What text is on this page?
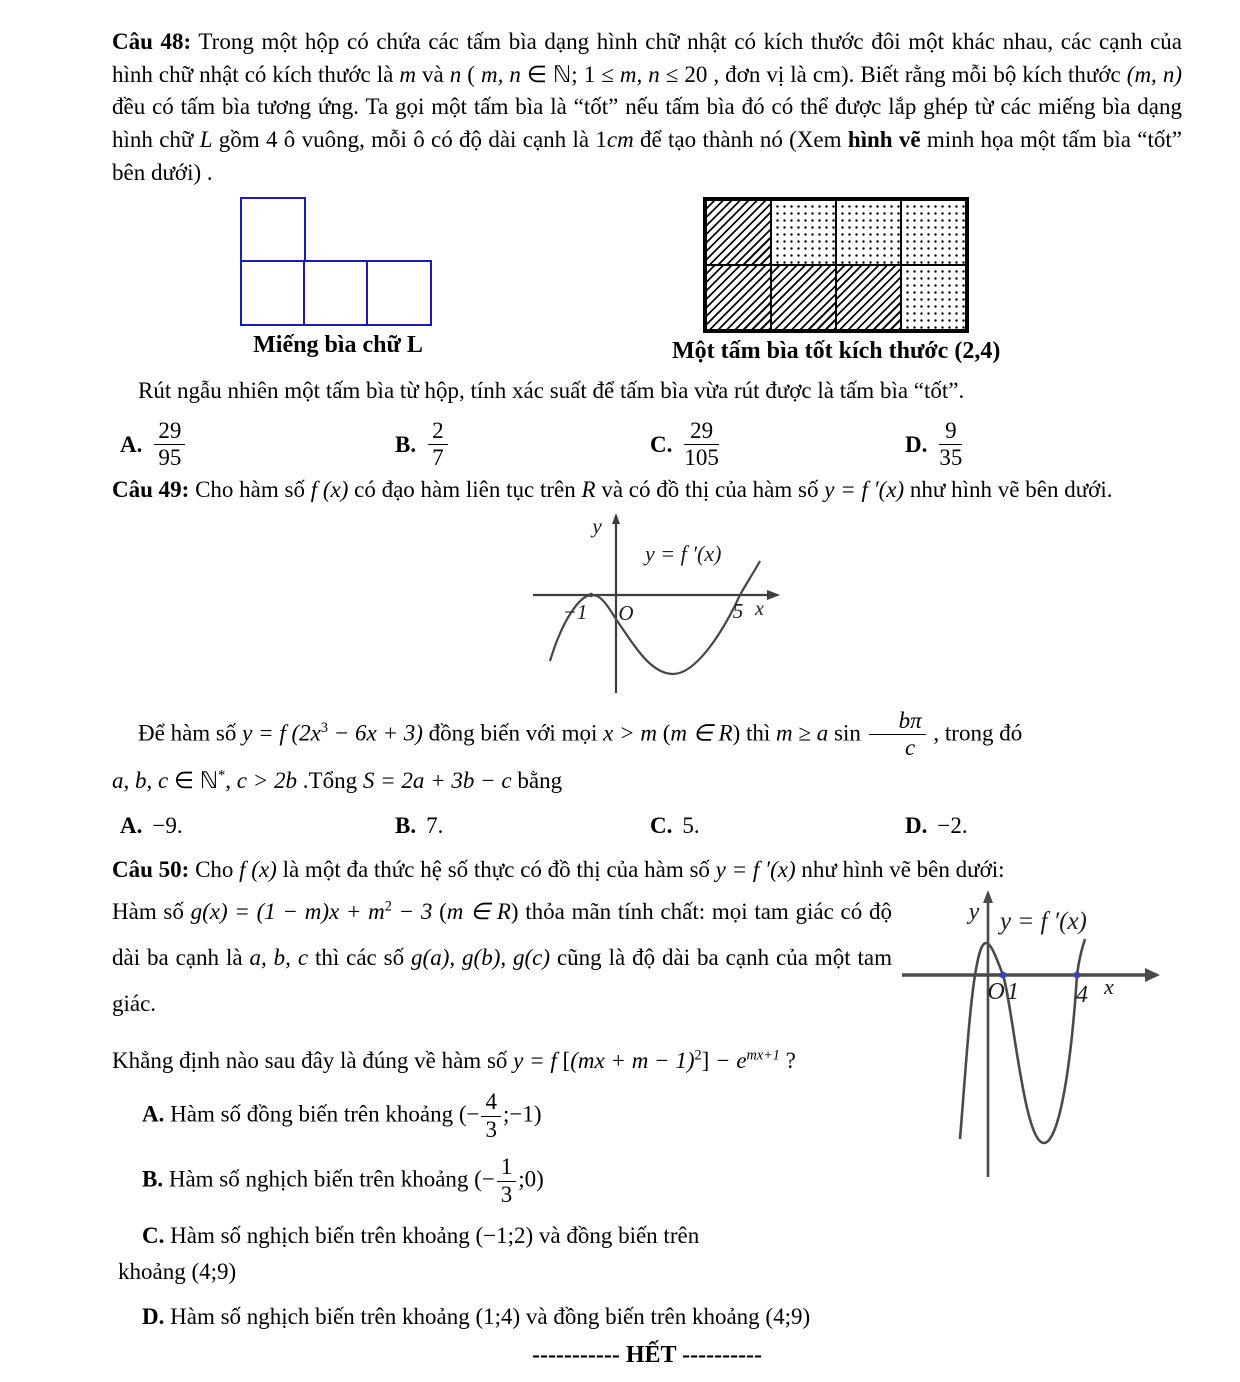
Câu 48: Trong một hộp có chứa các tấm bìa dạng hình chữ nhật có kích thước đôi một khác nhau, các cạnh của hình chữ nhật có kích thước là m và n ( m, n ∈ ℕ; 1 ≤ m, n ≤ 20 , đơn vị là cm). Biết rằng mỗi bộ kích thước (m, n) đều có tấm bìa tương ứng. Ta gọi một tấm bìa là “tốt” nếu tấm bìa đó có thể được lắp ghép từ các miếng bìa dạng hình chữ L gồm 4 ô vuông, mỗi ô có độ dài cạnh là 1cm để tạo thành nó (Xem hình vẽ minh họa một tấm bìa “tốt” bên dưới) .

Miếng bìa chữ L	Một tấm bìa tốt kích thước (2,4)

Rút ngẫu nhiên một tấm bìa từ hộp, tính xác suất để tấm bìa vừa rút được là tấm bìa “tốt”.

A. $\frac{29}{95}$	B. $\frac{2}{7}$	C. $\frac{29}{105}$	D. $\frac{9}{35}$

Câu 49: Cho hàm số f (x) có đạo hàm liên tục trên R và có đồ thị của hàm số y = f ′(x) như hình vẽ bên dưới.

y
y = f ′(x)
−1 O	5 x

Để hàm số y = f $(2x^3 - 6x + 3)$ đồng biến với mọi x > m (m ∈ R) thì m ≥ a $\sin \frac{b\pi}{c}$ , trong đó

a, b, c ∈ ℕ*, c > 2b .Tổng S = 2a + 3b − c bằng

A. −9.	B. 7.	C. 5.	D. −2.

Câu 50: Cho f (x) là một đa thức hệ số thực có đồ thị của hàm số y = f ′(x) như hình vẽ bên dưới:

y y = f ′(x)
O 1 4 x

Hàm số $g(x) = (1 - m)x + m^2 - 3$ (m ∈ R) thỏa mãn tính chất: mọi tam giác có độ dài ba cạnh là a, b, c thì các số g(a), g(b), g(c) cũng là độ dài ba cạnh của một tam giác.

Khẳng định nào sau đây là đúng về hàm số y = f $[(mx + m - 1)^2] - e^{mx+1}$ ?

A. Hàm số đồng biến trên khoảng (− $\frac{4}{3}$ ;−1)

B. Hàm số nghịch biến trên khoảng (− $\frac{1}{3}$ ;0)

C. Hàm số nghịch biến trên khoảng (−1;2) và đồng biến trên

khoảng (4;9)

D. Hàm số nghịch biến trên khoảng (1;4) và đồng biến trên khoảng (4;9)

----------- HẾT ----------
